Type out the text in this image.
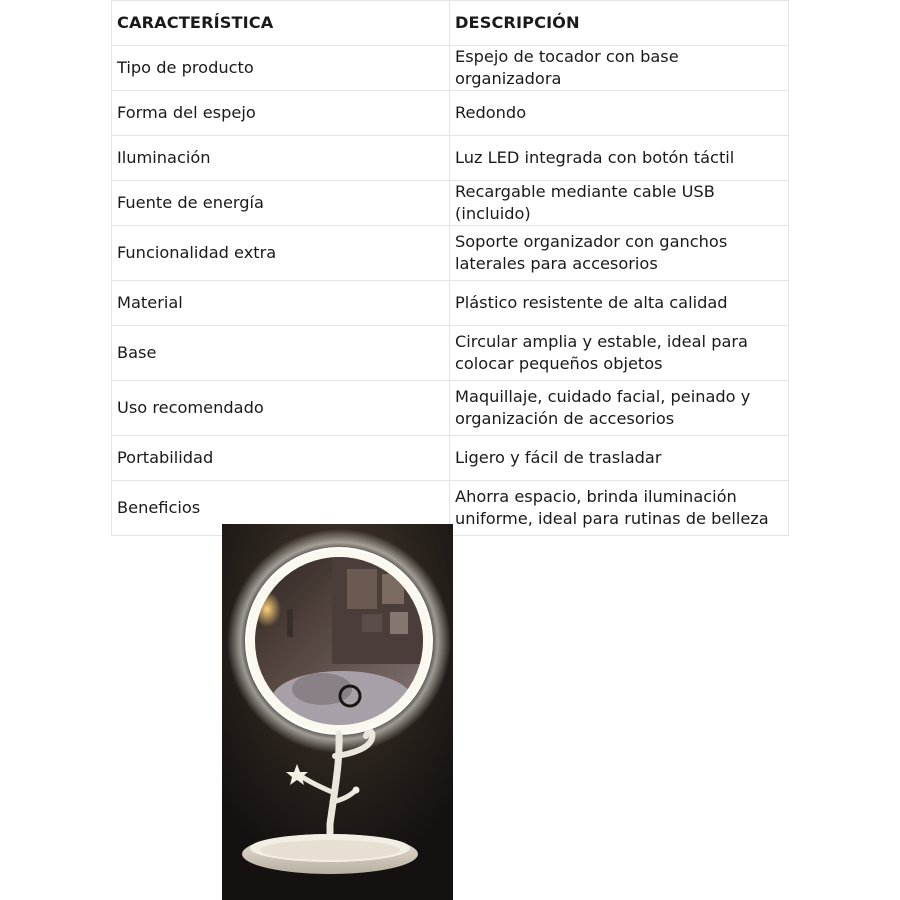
CARACTERÍSTICA	DESCRIPCIÓN
Tipo de producto	Espejo de tocador con base organizadora
Forma del espejo	Redondo
Iluminación	Luz LED integrada con botón táctil
Fuente de energía	Recargable mediante cable USB (incluido)
Funcionalidad extra	Soporte organizador con ganchos laterales para accesorios
Material	Plástico resistente de alta calidad
Base	Circular amplia y estable, ideal para colocar pequeños objetos
Uso recomendado	Maquillaje, cuidado facial, peinado y organización de accesorios
Portabilidad	Ligero y fácil de trasladar
Beneficios	Ahorra espacio, brinda iluminación uniforme, ideal para rutinas de belleza
